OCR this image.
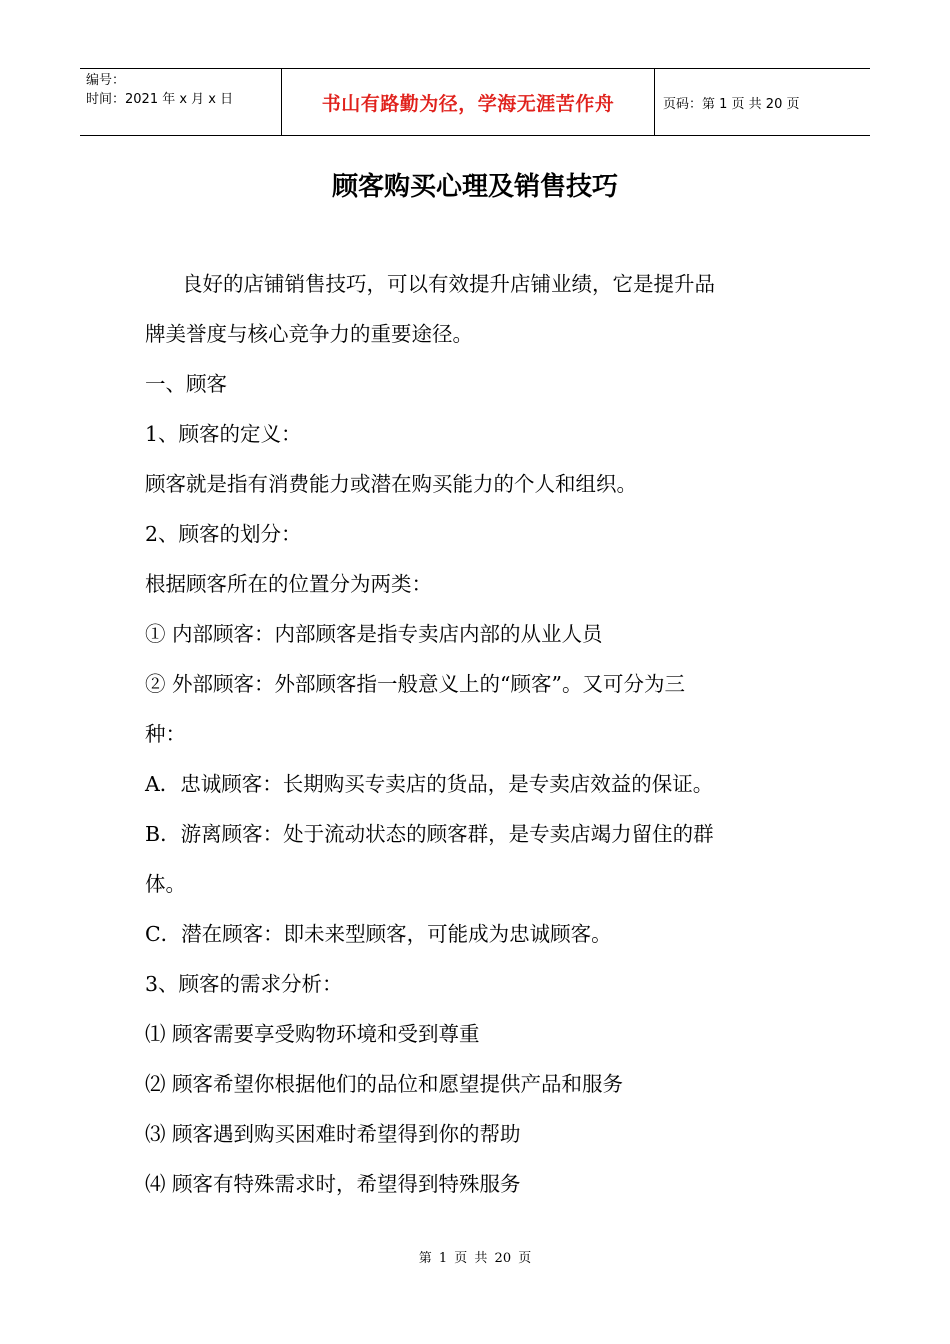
编号：
时间：2021 年 x 月 x 日	书山有路勤为径，学海无涯苦作舟	页码：第 1 页 共 20 页
顾客购买心理及销售技巧
良好的店铺销售技巧，可以有效提升店铺业绩，它是提升品
牌美誉度与核心竞争力的重要途径。
一、顾客
1、顾客的定义：
顾客就是指有消费能力或潜在购买能力的个人和组织。
2、顾客的划分：
根据顾客所在的位置分为两类：
① 内部顾客：内部顾客是指专卖店内部的从业人员
② 外部顾客：外部顾客指一般意义上的“顾客”。又可分为三
种：
A．忠诚顾客：长期购买专卖店的货品，是专卖店效益的保证。
B．游离顾客：处于流动状态的顾客群，是专卖店竭力留住的群
体。
C．潜在顾客：即未来型顾客，可能成为忠诚顾客。
3、顾客的需求分析：
⑴ 顾客需要享受购物环境和受到尊重
⑵ 顾客希望你根据他们的品位和愿望提供产品和服务
⑶ 顾客遇到购买困难时希望得到你的帮助
⑷ 顾客有特殊需求时，希望得到特殊服务
第 1 页 共 20 页
